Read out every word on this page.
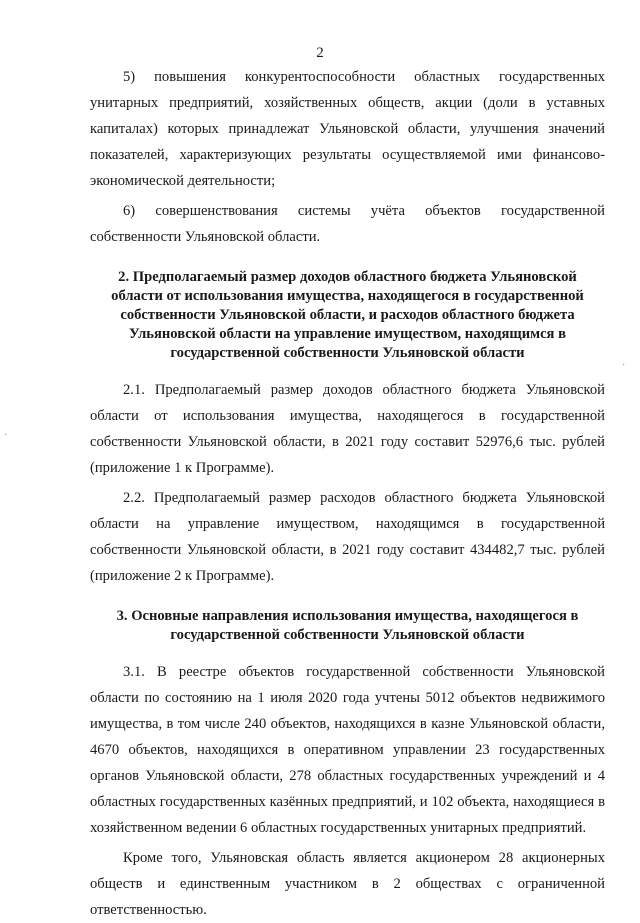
2

5) повышения конкурентоспособности областных государственных унитарных предприятий, хозяйственных обществ, акции (доли в уставных капиталах) которых принадлежат Ульяновской области, улучшения значений показателей, характеризующих результаты осуществляемой ими финансово-экономической деятельности;

6) совершенствования системы учёта объектов государственной собственности Ульяновской области.

2. Предполагаемый размер доходов областного бюджета Ульяновской области от использования имущества, находящегося в государственной собственности Ульяновской области, и расходов областного бюджета Ульяновской области на управление имуществом, находящимся в государственной собственности Ульяновской области

2.1. Предполагаемый размер доходов областного бюджета Ульяновской области от использования имущества, находящегося в государственной собственности Ульяновской области, в 2021 году составит 52976,6 тыс. рублей (приложение 1 к Программе).

2.2. Предполагаемый размер расходов областного бюджета Ульяновской области на управление имуществом, находящимся в государственной собственности Ульяновской области, в 2021 году составит 434482,7 тыс. рублей (приложение 2 к Программе).

3. Основные направления использования имущества, находящегося в государственной собственности Ульяновской области

3.1. В реестре объектов государственной собственности Ульяновской области по состоянию на 1 июля 2020 года учтены 5012 объектов недвижимого имущества, в том числе 240 объектов, находящихся в казне Ульяновской области, 4670 объектов, находящихся в оперативном управлении 23 государственных органов Ульяновской области, 278 областных государственных учреждений и 4 областных государственных казённых предприятий, и 102 объекта, находящиеся в хозяйственном ведении 6 областных государственных унитарных предприятий.

Кроме того, Ульяновская область является акционером 28 акционерных обществ и единственным участником в 2 обществах с ограниченной ответственностью.

·
·
